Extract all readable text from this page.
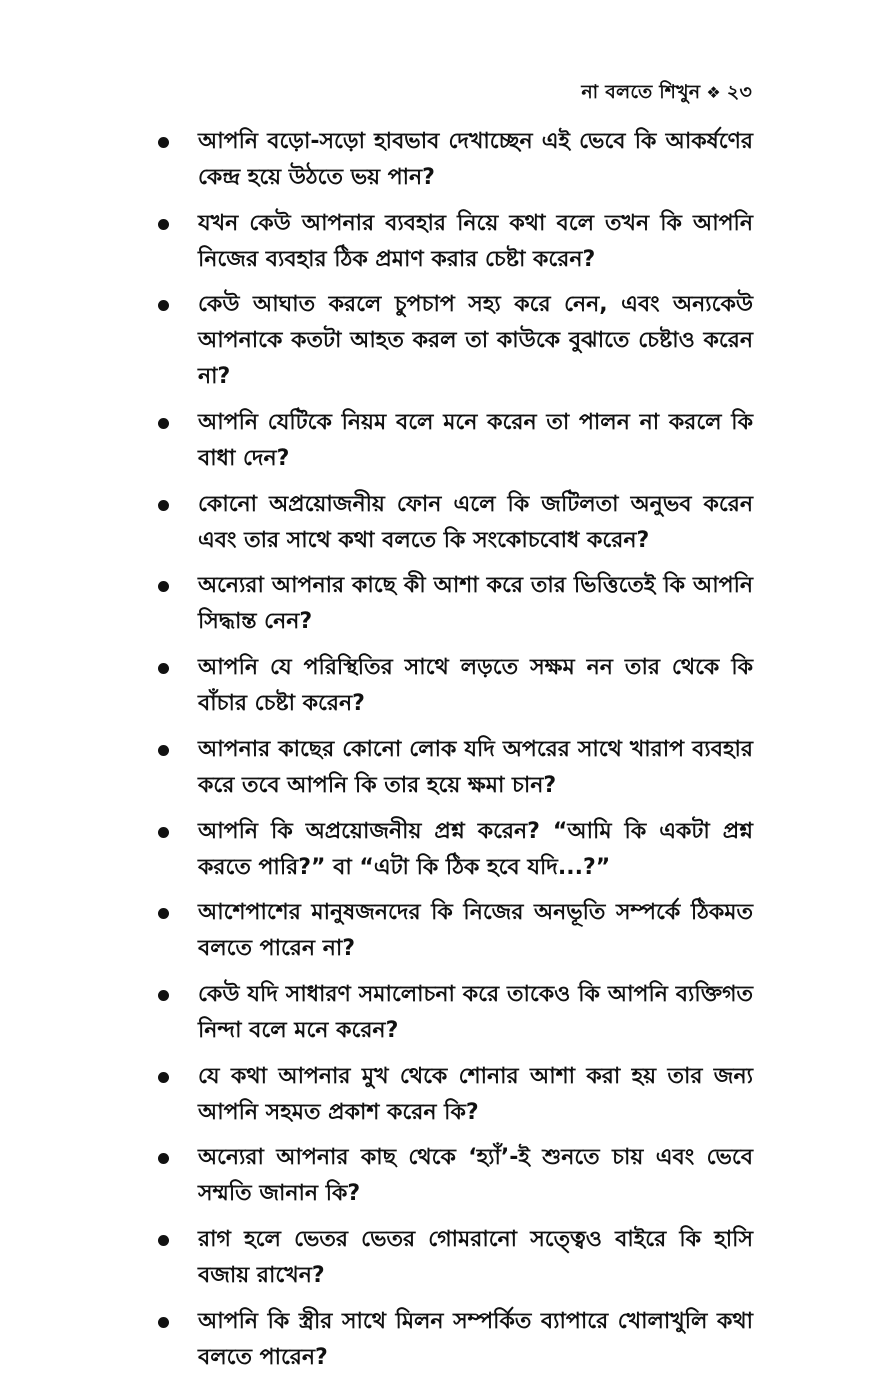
না বলতে শিখুন ❖ ২৩
আপনি বড়ো-সড়ো হাবভাব দেখাচ্ছেন এই ভেবে কি আকর্ষণের কেন্দ্র হয়ে উঠতে ভয় পান?
যখন কেউ আপনার ব্যবহার নিয়ে কথা বলে তখন কি আপনি নিজের ব্যবহার ঠিক প্রমাণ করার চেষ্টা করেন?
কেউ আঘাত করলে চুপচাপ সহ্য করে নেন, এবং অন্যকেউ আপনাকে কতটা আহত করল তা কাউকে বুঝাতে চেষ্টাও করেন না?
আপনি যেটিকে নিয়ম বলে মনে করেন তা পালন না করলে কি বাধা দেন?
কোনো অপ্রয়োজনীয় ফোন এলে কি জটিলতা অনুভব করেন এবং তার সাথে কথা বলতে কি সংকোচবোধ করেন?
অন্যেরা আপনার কাছে কী আশা করে তার ভিত্তিতেই কি আপনি সিদ্ধান্ত নেন?
আপনি যে পরিস্থিতির সাথে লড়তে সক্ষম নন তার থেকে কি বাঁচার চেষ্টা করেন?
আপনার কাছের কোনো লোক যদি অপরের সাথে খারাপ ব্যবহার করে তবে আপনি কি তার হয়ে ক্ষমা চান?
আপনি কি অপ্রয়োজনীয় প্রশ্ন করেন? “আমি কি একটা প্রশ্ন করতে পারি?” বা “এটা কি ঠিক হবে যদি...?”
আশেপাশের মানুষজনদের কি নিজের অনভূতি সম্পর্কে ঠিকমত বলতে পারেন না?
কেউ যদি সাধারণ সমালোচনা করে তাকেও কি আপনি ব্যক্তিগত নিন্দা বলে মনে করেন?
যে কথা আপনার মুখ থেকে শোনার আশা করা হয় তার জন্য আপনি সহমত প্রকাশ করেন কি?
অন্যেরা আপনার কাছ থেকে ‘হ্যাঁ’-ই শুনতে চায় এবং ভেবে সম্মতি জানান কি?
রাগ হলে ভেতর ভেতর গোমরানো সত্ত্বেও বাইরে কি হাসি বজায় রাখেন?
আপনি কি স্ত্রীর সাথে মিলন সম্পর্কিত ব্যাপারে খোলাখুলি কথা বলতে পারেন?
